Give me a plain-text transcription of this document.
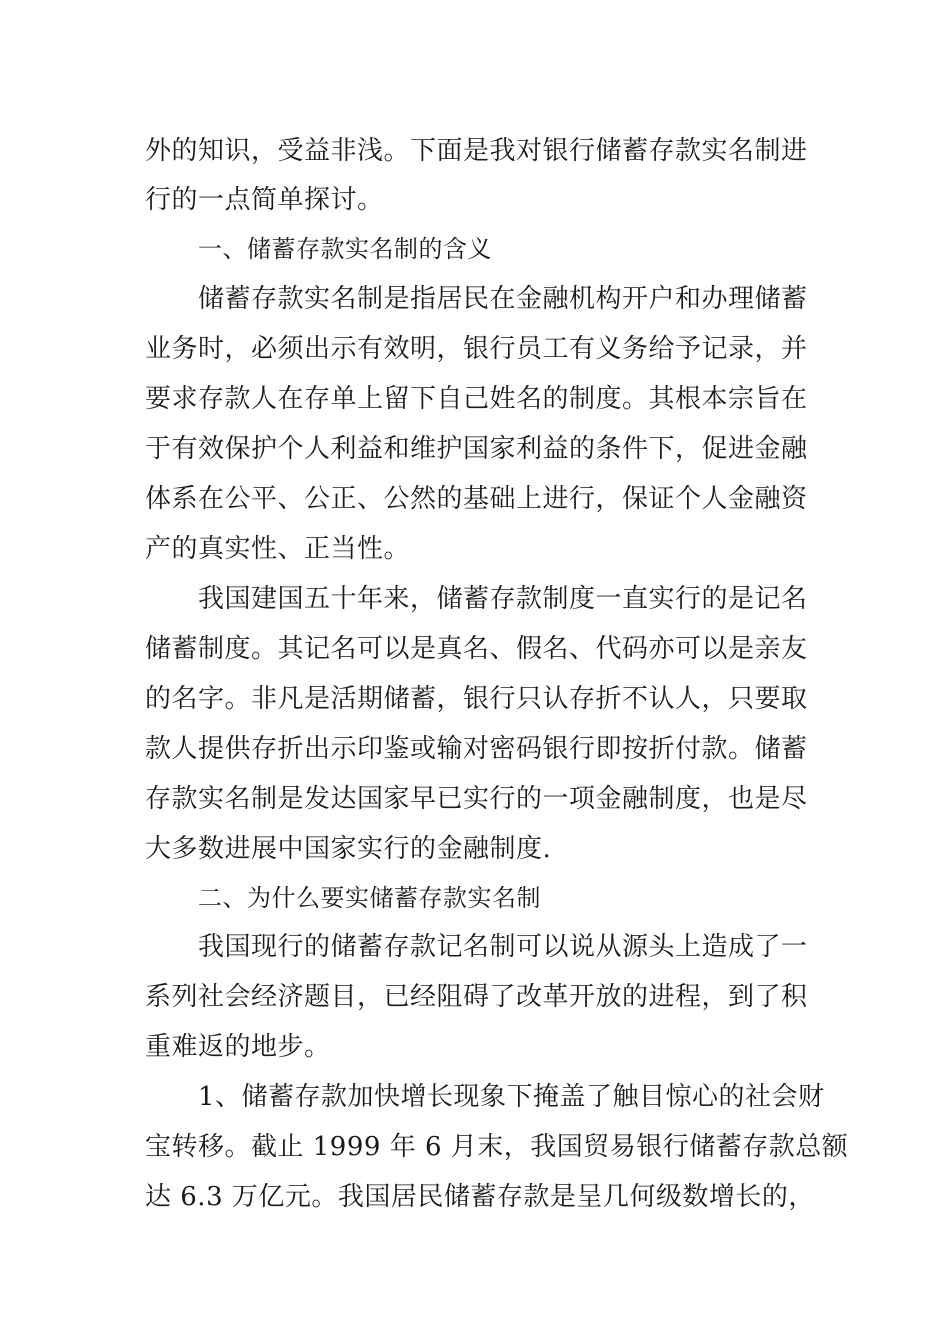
外的知识，受益非浅。下面是我对银行储蓄存款实名制进
行的一点简单探讨。
一、储蓄存款实名制的含义
储蓄存款实名制是指居民在金融机构开户和办理储蓄
业务时，必须出示有效明，银行员工有义务给予记录，并
要求存款人在存单上留下自己姓名的制度。其根本宗旨在
于有效保护个人利益和维护国家利益的条件下，促进金融
体系在公平、公正、公然的基础上进行，保证个人金融资
产的真实性、正当性。
我国建国五十年来，储蓄存款制度一直实行的是记名
储蓄制度。其记名可以是真名、假名、代码亦可以是亲友
的名字。非凡是活期储蓄，银行只认存折不认人，只要取
款人提供存折出示印鉴或输对密码银行即按折付款。储蓄
存款实名制是发达国家早已实行的一项金融制度，也是尽
大多数进展中国家实行的金融制度.
二、为什么要实储蓄存款实名制
我国现行的储蓄存款记名制可以说从源头上造成了一
系列社会经济题目，已经阻碍了改革开放的进程，到了积
重难返的地步。
1、储蓄存款加快增长现象下掩盖了触目惊心的社会财
宝转移。截止 1999 年 6 月末，我国贸易银行储蓄存款总额
达 6.3 万亿元。我国居民储蓄存款是呈几何级数增长的，
